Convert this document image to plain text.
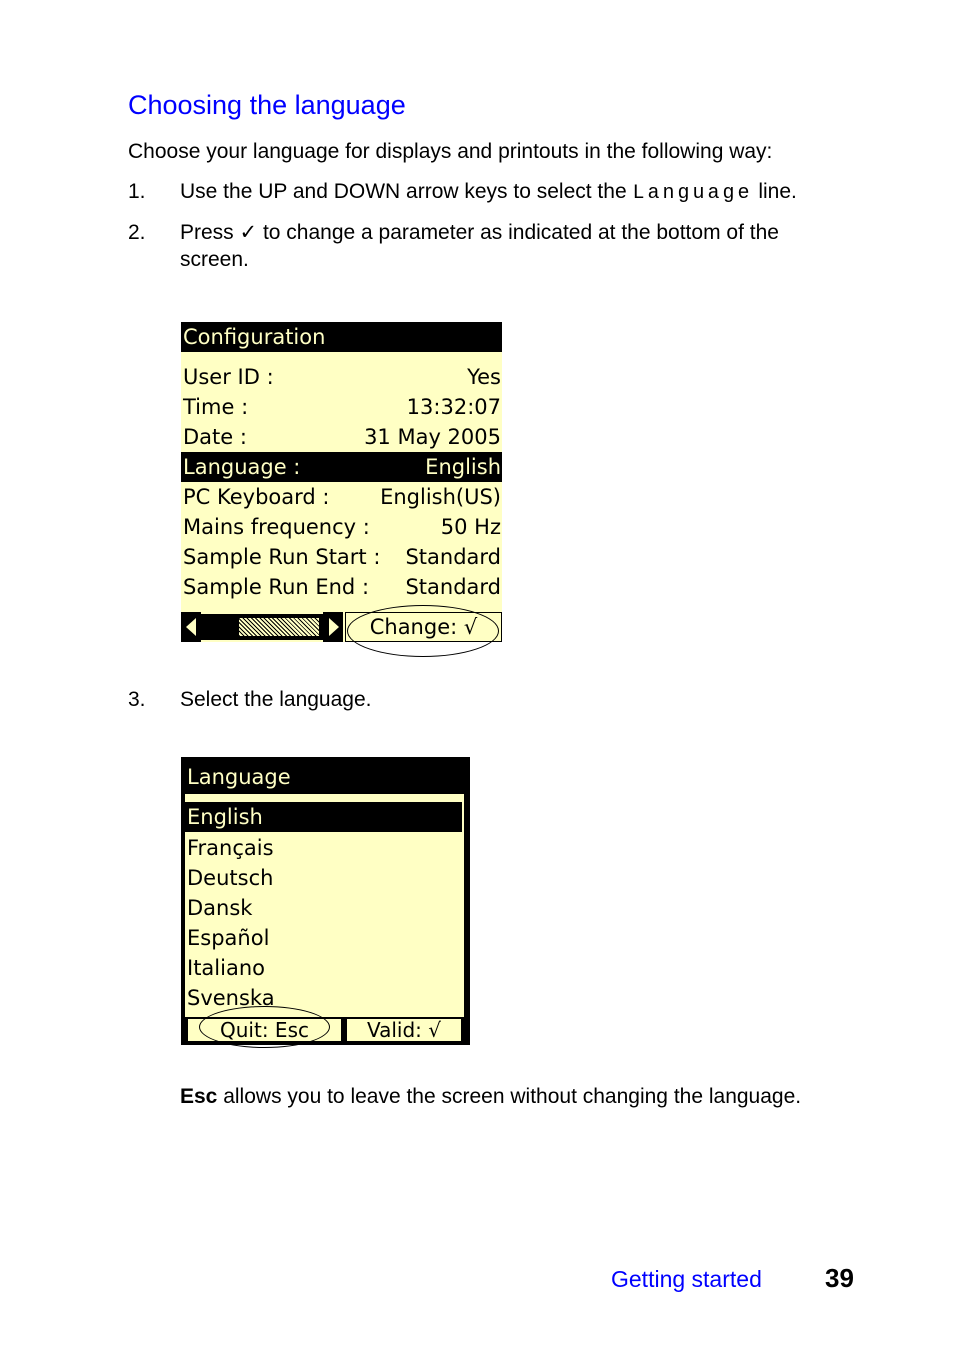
Choosing the language
Choose your language for displays and printouts in the following way:
1. Use the UP and DOWN arrow keys to select the Language line.
2. Press ✓ to change a parameter as indicated at the bottom of the
screen.
Configuration
User ID :	Yes
Time :	13:32:07
Date :	31 May 2005
Language :	English
PC Keyboard : English(US)
Mains frequency :	50 Hz
Sample Run Start : Standard
Sample Run End : Standard
Change: √
3. Select the language.
Language
English
Français
Deutsch
Dansk
Español
Italiano
Svenska
Quit: Esc	Valid: √
Esc allows you to leave the screen without changing the language.
Getting started 39
